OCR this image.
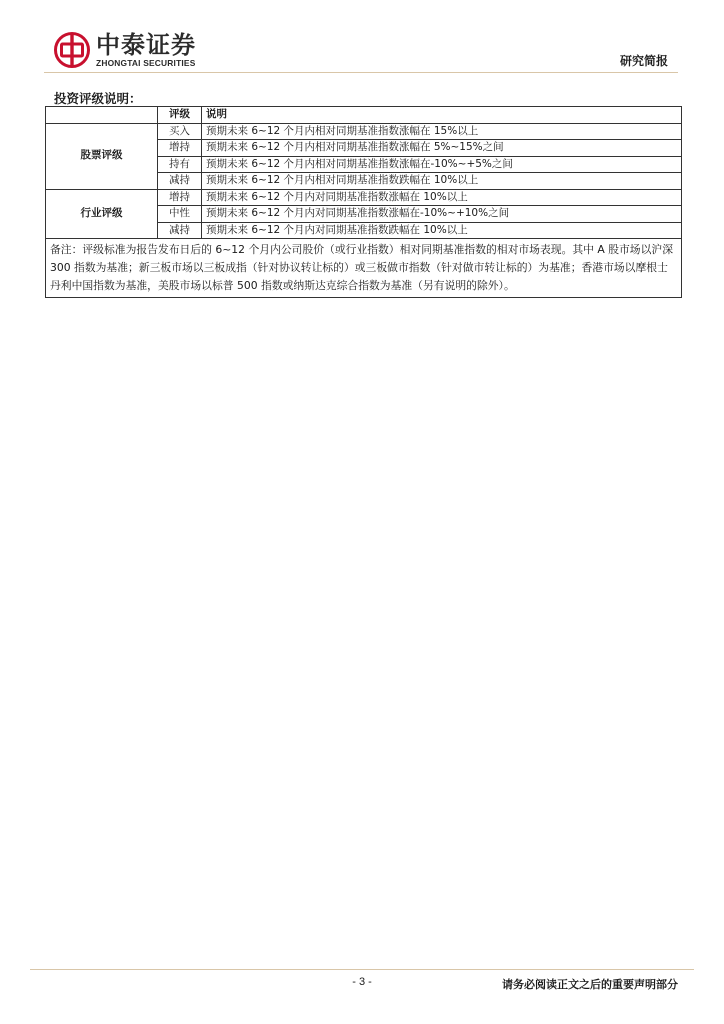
中泰证券
ZHONGTAI SECURITIES	研究简报
投资评级说明：
	评级	说明
股票评级	买入	预期未来 6~12 个月内相对同期基准指数涨幅在 15%以上
	增持	预期未来 6~12 个月内相对同期基准指数涨幅在 5%~15%之间
	持有	预期未来 6~12 个月内相对同期基准指数涨幅在-10%~+5%之间
	减持	预期未来 6~12 个月内相对同期基准指数跌幅在 10%以上
行业评级	增持	预期未来 6~12 个月内对同期基准指数涨幅在 10%以上
	中性	预期未来 6~12 个月内对同期基准指数涨幅在-10%~+10%之间
	减持	预期未来 6~12 个月内对同期基准指数跌幅在 10%以上
备注：评级标准为报告发布日后的 6~12 个月内公司股价（或行业指数）相对同期基准指数的相对市场表现。其中 A 股市场以沪深 300 指数为基准；新三板市场以三板成指（针对协议转让标的）或三板做市指数（针对做市转让标的）为基准；香港市场以摩根士丹利中国指数为基准，美股市场以标普 500 指数或纳斯达克综合指数为基准（另有说明的除外）。		
- 3 -	请务必阅读正文之后的重要声明部分
